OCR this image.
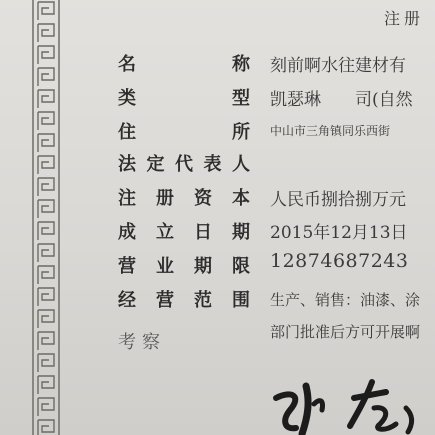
注册
名称 刻前啊水往建材有
类型 凯瑟琳　　司(自然
住所 中山市三角镇同乐西街
法定代表人
注册资本 人民币捌拾捌万元
成立日期 2015年12月13日
营业期限 12874687243
经营范围 生产、销售：油漆、涂
考察	部门批准后方可开展啊
